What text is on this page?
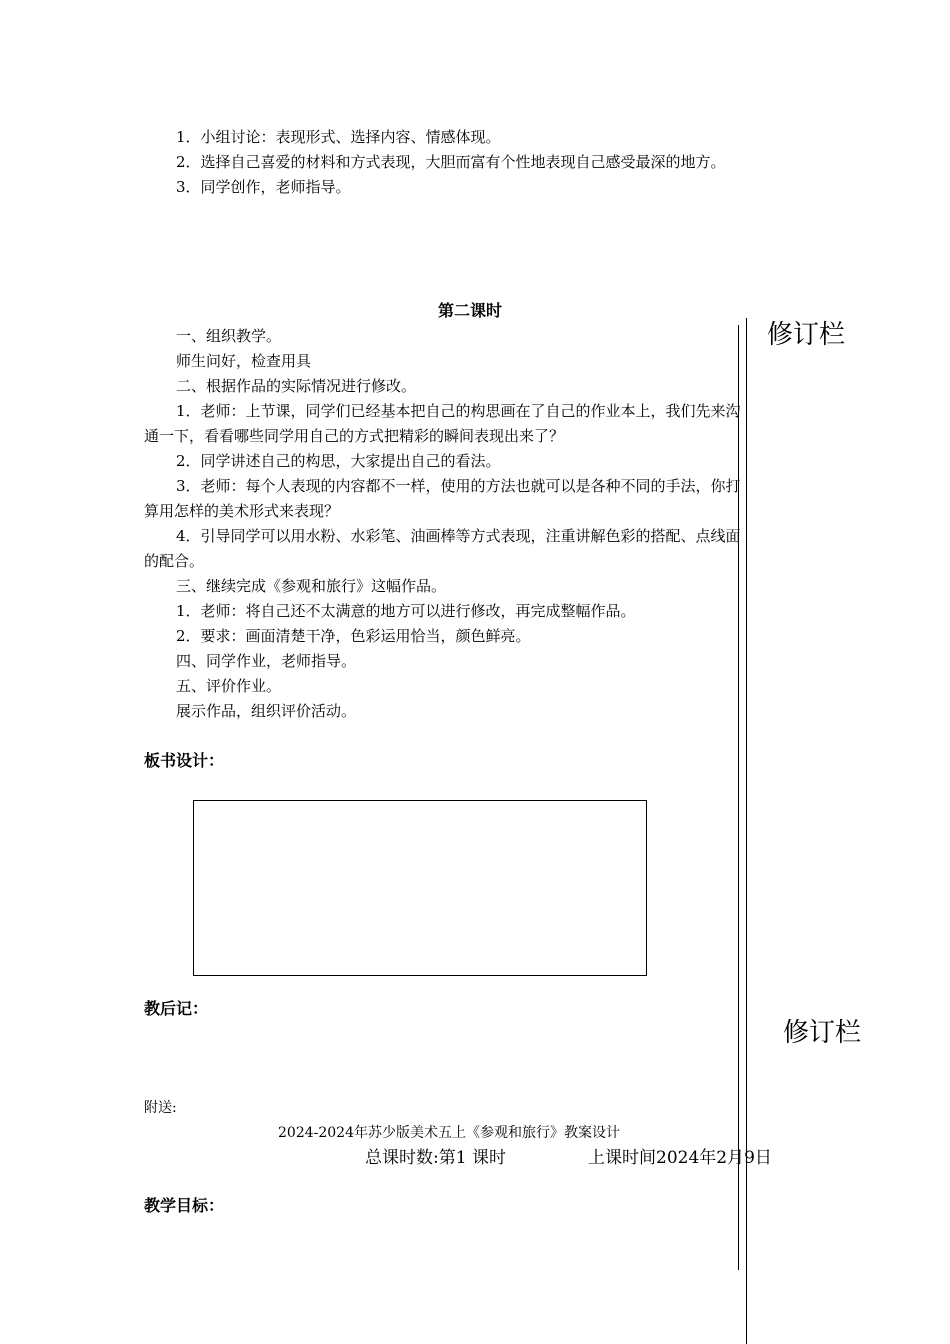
1．小组讨论：表现形式、选择内容、情感体现。
2．选择自己喜爱的材料和方式表现，大胆而富有个性地表现自己感受最深的地方。
3．同学创作，老师指导。
第二课时
一、组织教学。
师生问好，检查用具
二、根据作品的实际情况进行修改。
1．老师：上节课，同学们已经基本把自己的构思画在了自己的作业本上，我们先来沟
通一下，看看哪些同学用自己的方式把精彩的瞬间表现出来了？
2．同学讲述自己的构思，大家提出自己的看法。
3．老师：每个人表现的内容都不一样，使用的方法也就可以是各种不同的手法，你打
算用怎样的美术形式来表现？
4．引导同学可以用水粉、水彩笔、油画棒等方式表现，注重讲解色彩的搭配、点线面
的配合。
三、继续完成《参观和旅行》这幅作品。
1．老师：将自己还不太满意的地方可以进行修改，再完成整幅作品。
2．要求：画面清楚干净，色彩运用恰当，颜色鲜亮。
四、同学作业，老师指导。
五、评价作业。
展示作品，组织评价活动。
板书设计：
教后记：
修订栏
修订栏
附送:
2024-2024年苏少版美术五上《参观和旅行》教案设计
总课时数:第1 课时	上课时间2024年2月9日
教学目标：
